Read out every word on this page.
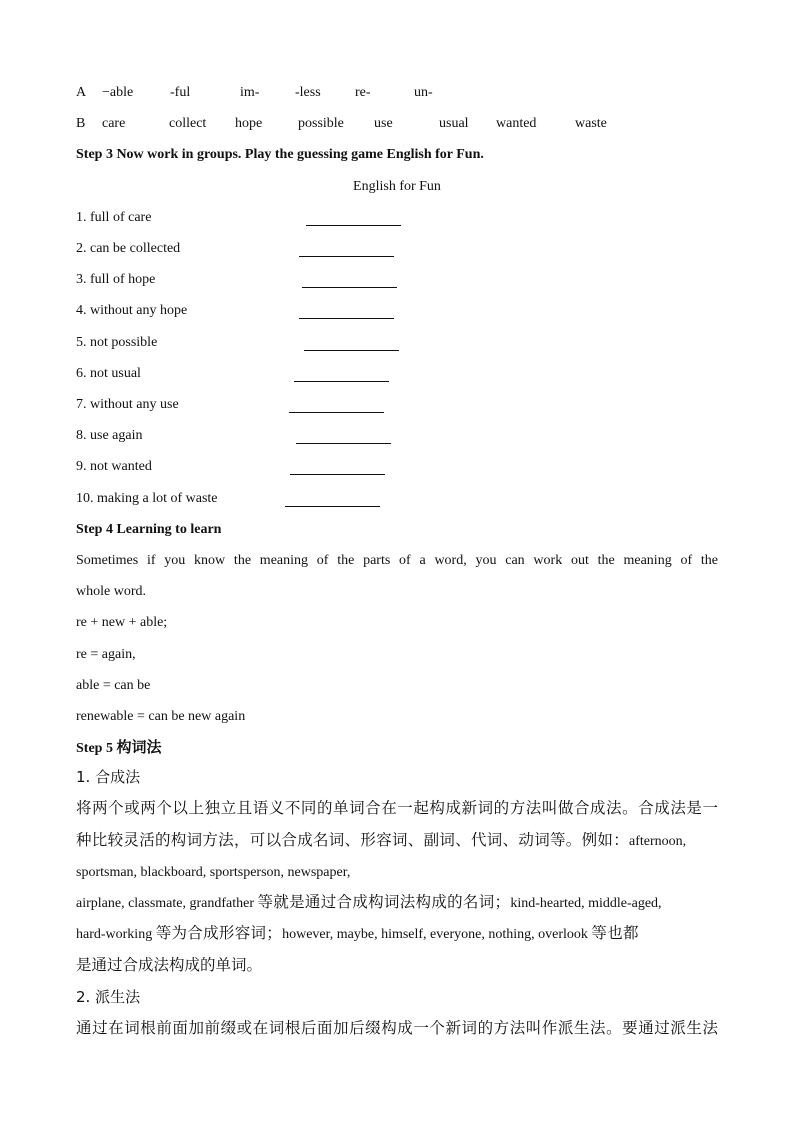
A −able	-ful	im-	-less re-	un-
B care	collect hope	possible use	usual wanted	waste
Step 3 Now work in groups. Play the guessing game English for Fun.
English for Fun
1. full of care
2. can be collected
3. full of hope
4. without any hope
5. not possible
6. not usual
7. without any use
8. use again
9. not wanted
10. making a lot of waste
Step 4 Learning to learn
Sometimes if you know the meaning of the parts of a word, you can work out the meaning of the
whole word.
re + new + able;
re = again,
able = can be
renewable = can be new again
Step 5 构词法
1. 合成法
将两个或两个以上独立且语义不同的单词合在一起构成新词的方法叫做合成法。合成法是一
种比较灵活的构词方法，可以合成名词、形容词、副词、代词、动词等。例如：afternoon,
sportsman, blackboard, sportsperson, newspaper,
airplane, classmate, grandfather 等就是通过合成构词法构成的名词；kind-hearted, middle-aged,
hard-working 等为合成形容词；however, maybe, himself, everyone, nothing, overlook 等也都
是通过合成法构成的单词。
2. 派生法
通过在词根前面加前缀或在词根后面加后缀构成一个新词的方法叫作派生法。要通过派生法
